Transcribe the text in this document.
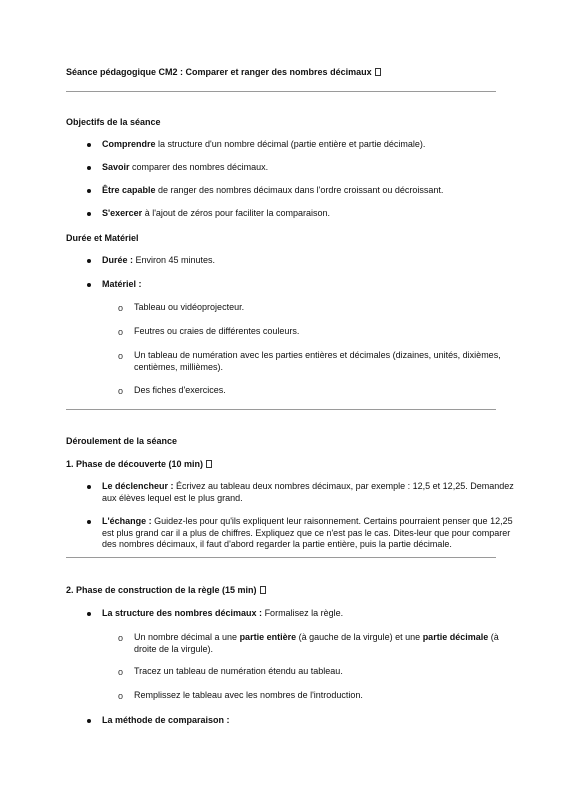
Séance pédagogique CM2 : Comparer et ranger des nombres décimaux
Objectifs de la séance
Comprendre la structure d'un nombre décimal (partie entière et partie décimale).
Savoir comparer des nombres décimaux.
Être capable de ranger des nombres décimaux dans l'ordre croissant ou décroissant.
S'exercer à l'ajout de zéros pour faciliter la comparaison.
Durée et Matériel
Durée : Environ 45 minutes.
Matériel :
o Tableau ou vidéoprojecteur.
o Feutres ou craies de différentes couleurs.
o Un tableau de numération avec les parties entières et décimales (dizaines, unités, dixièmes,
centièmes, millièmes).
o Des fiches d'exercices.
Déroulement de la séance
1. Phase de découverte (10 min)
Le déclencheur : Écrivez au tableau deux nombres décimaux, par exemple : 12,5 et 12,25. Demandez
aux élèves lequel est le plus grand.
L'échange : Guidez-les pour qu'ils expliquent leur raisonnement. Certains pourraient penser que 12,25
est plus grand car il a plus de chiffres. Expliquez que ce n'est pas le cas. Dites-leur que pour comparer
des nombres décimaux, il faut d'abord regarder la partie entière, puis la partie décimale.
2. Phase de construction de la règle (15 min)
La structure des nombres décimaux : Formalisez la règle.
o Un nombre décimal a une partie entière (à gauche de la virgule) et une partie décimale (à
droite de la virgule).
o Tracez un tableau de numération étendu au tableau.
o Remplissez le tableau avec les nombres de l'introduction.
La méthode de comparaison :
